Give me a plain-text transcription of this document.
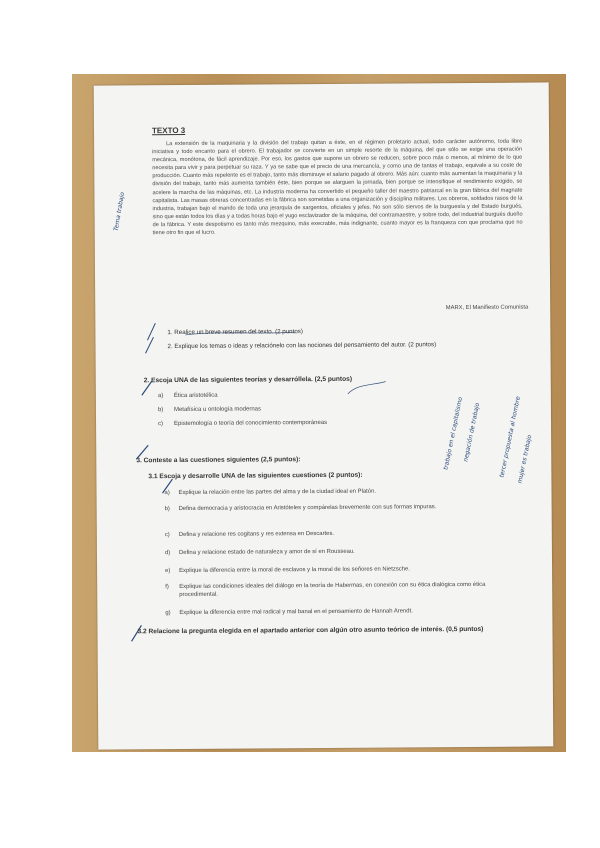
TEXTO 3
La extensión de la maquinaria y la división del trabajo quitan a éste, en el régimen proletario actual, todo carácter autónomo, toda libre iniciativa y todo encanto para el obrero. El trabajador se convierte en un simple resorte de la máquina, del que sólo se exige una operación mecánica, monótona, de fácil aprendizaje. Por eso, los gastos que supone un obrero se reducen, sobre poco más o menos, al mínimo de lo que necesita para vivir y para perpetuar su raza. Y ya se sabe que el precio de una mercancía, y como una de tantas el trabajo, equivale a su coste de producción. Cuanto más repelente es el trabajo, tanto más disminuye el salario pagado al obrero. Más aún: cuanto más aumentan la maquinaria y la división del trabajo, tanto más aumenta también éste, bien porque se alarguen la jornada, bien porque se intensifique el rendimiento exigido, se acelere la marcha de las máquinas, etc. La industria moderna ha convertido el pequeño taller del maestro patriarcal en la gran fábrica del magnate capitalista. Las masas obreras concentradas en la fábrica son sometidas a una organización y disciplina militares. Los obreros, soldados rasos de la industria, trabajan bajo el mando de toda una jerarquía de sargentos, oficiales y jefes. No son sólo siervos de la burguesía y del Estado burgués, sino que están todos los días y a todas horas bajo el yugo esclavizador de la máquina, del contramaestre, y sobre todo, del industrial burgués dueño de la fábrica. Y este despotismo es tanto más mezquino, más execrable, más indignante, cuanto mayor es la franqueza con que proclama que no tiene otro fin que el lucro.
MARX, El Manifiesto Comunista
1. Realice un breve resumen del texto. (2 puntos)
2. Explique los temas o ideas y relaciónelo con las nociones del pensamiento del autor. (2 puntos)
2. Escoja UNA de las siguientes teorías y desarróllela. (2,5 puntos)
a) Ética aristotélica
b) Metafísica u ontología modernas
c) Epistemología o teoría del conocimiento contemporáneas
3. Conteste a las cuestiones siguientes (2,5 puntos):
3.1 Escoja y desarrolle UNA de las siguientes cuestiones (2 puntos):
a) Explique la relación entre las partes del alma y de la ciudad ideal en Platón.
b) Defina democracia y aristocracia en Aristóteles y compárelas brevemente con sus formas impuras.
c) Defina y relacione res cogitans y res extensa en Descartes.
d) Defina y relacione estado de naturaleza y amor de sí en Rousseau.
e) Explique la diferencia entre la moral de esclavos y la moral de los señores en Nietzsche.
f) Explique las condiciones ideales del diálogo en la teoría de Habermas, en conexión con su ética dialógica como ética procedimental.
g) Explique la diferencia entre mal radical y mal banal en el pensamiento de Hannah Arendt.
3.2 Relacione la pregunta elegida en el apartado anterior con algún otro asunto teórico de interés. (0,5 puntos)
Tema trabajo
trabajo en el capitalismo
negación de trabajo	tercer propuesta al hombre
mujer es trabajo
